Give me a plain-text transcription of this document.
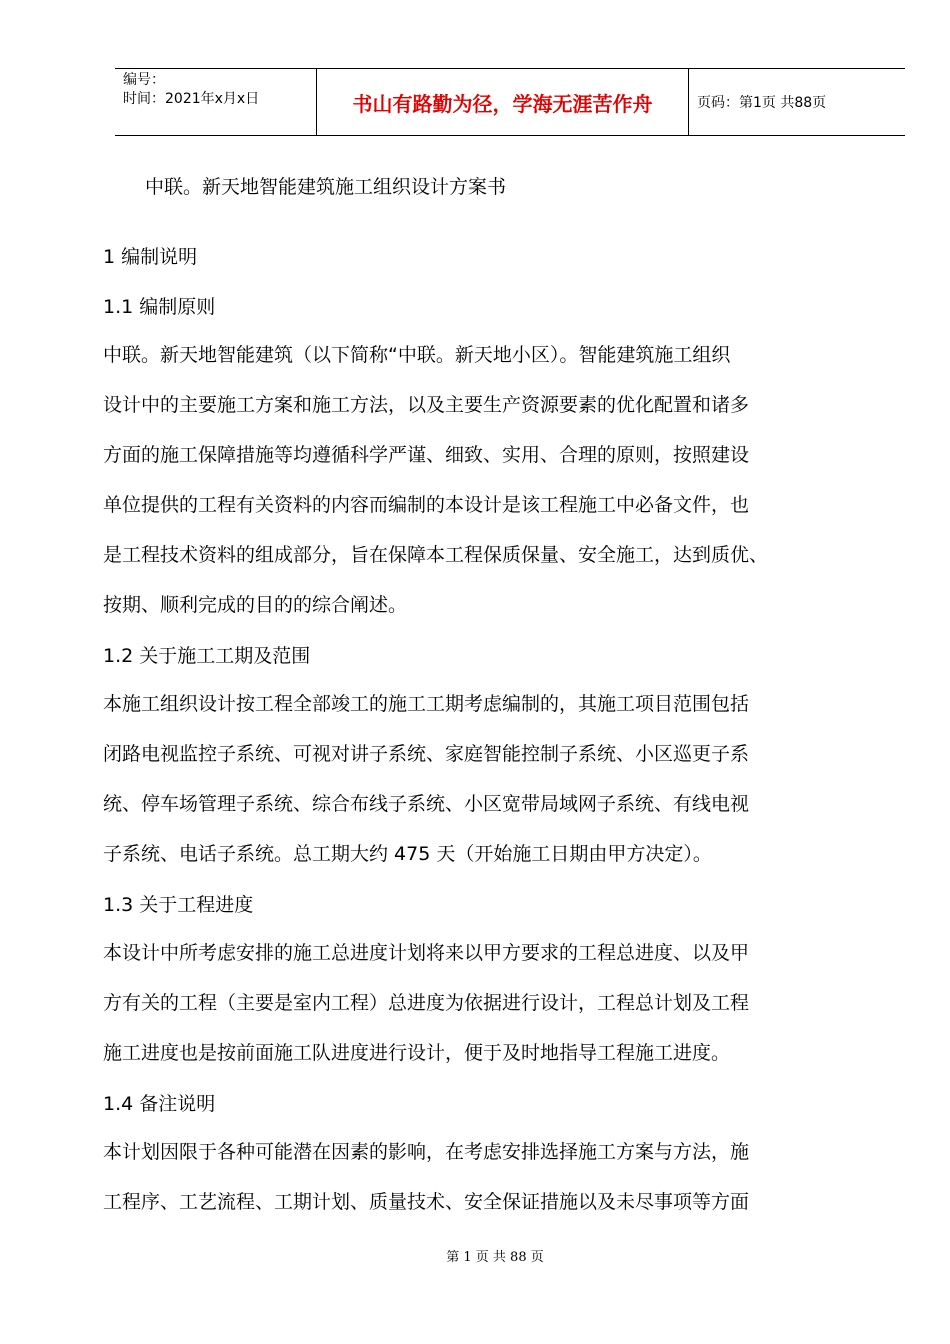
编号：
时间：2021年x月x日	书山有路勤为径，学海无涯苦作舟	页码：第1页 共88页
中联。新天地智能建筑施工组织设计方案书
1 编制说明
1.1 编制原则
中联。新天地智能建筑（以下简称“中联。新天地小区）。智能建筑施工组织
设计中的主要施工方案和施工方法，以及主要生产资源要素的优化配置和诸多
方面的施工保障措施等均遵循科学严谨、细致、实用、合理的原则，按照建设
单位提供的工程有关资料的内容而编制的本设计是该工程施工中必备文件，也
是工程技术资料的组成部分，旨在保障本工程保质保量、安全施工，达到质优、
按期、顺利完成的目的的综合阐述。
1.2 关于施工工期及范围
本施工组织设计按工程全部竣工的施工工期考虑编制的，其施工项目范围包括
闭路电视监控子系统、可视对讲子系统、家庭智能控制子系统、小区巡更子系
统、停车场管理子系统、综合布线子系统、小区宽带局域网子系统、有线电视
子系统、电话子系统。总工期大约 475 天（开始施工日期由甲方决定）。
1.3 关于工程进度
本设计中所考虑安排的施工总进度计划将来以甲方要求的工程总进度、以及甲
方有关的工程（主要是室内工程）总进度为依据进行设计，工程总计划及工程
施工进度也是按前面施工队进度进行设计，便于及时地指导工程施工进度。
1.4 备注说明
本计划因限于各种可能潜在因素的影响，在考虑安排选择施工方案与方法，施
工程序、工艺流程、工期计划、质量技术、安全保证措施以及未尽事项等方面
第 1 页 共 88 页
